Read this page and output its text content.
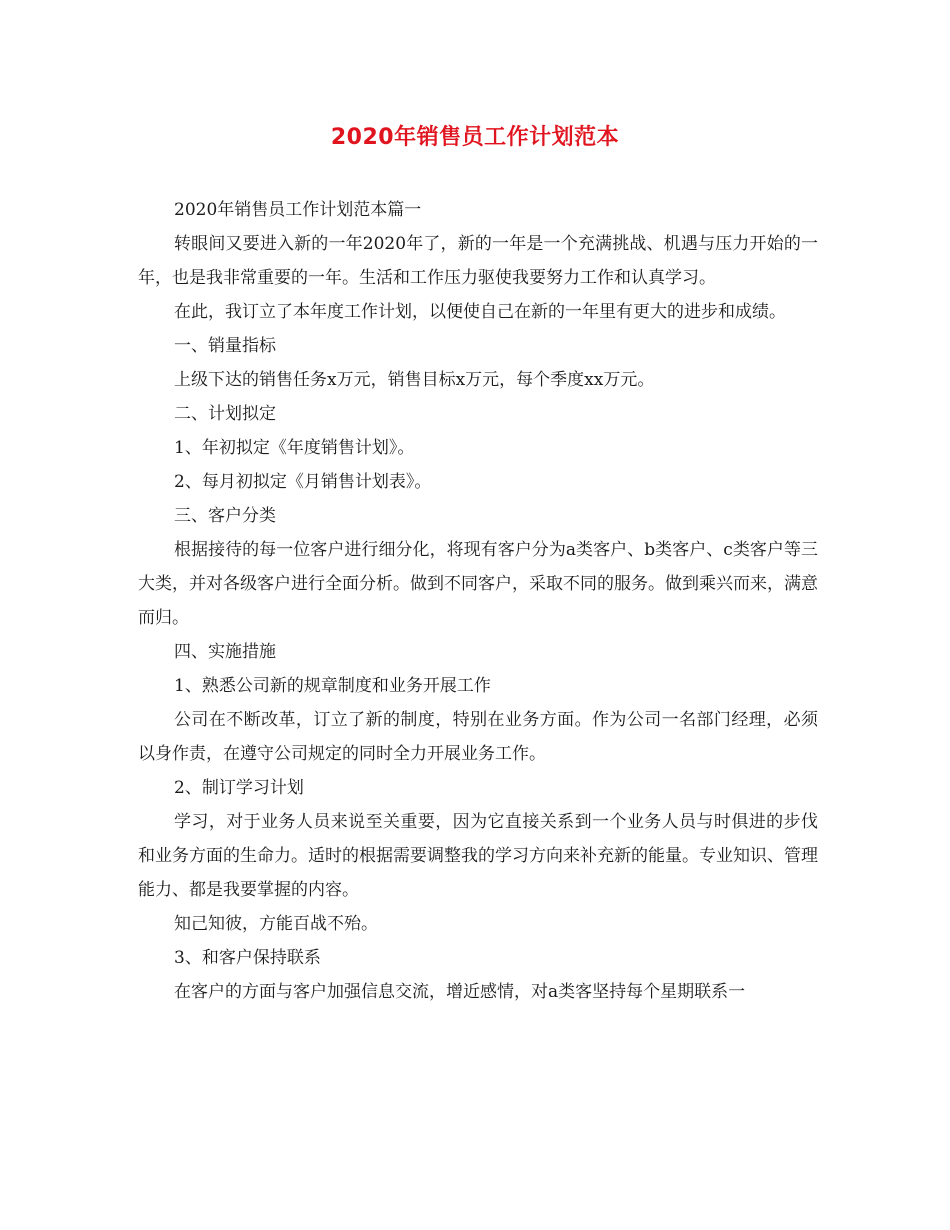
2020年销售员工作计划范本

2020年销售员工作计划范本篇一

转眼间又要进入新的一年2020年了，新的一年是一个充满挑战、机遇与压力开始的一年，也是我非常重要的一年。生活和工作压力驱使我要努力工作和认真学习。

在此，我订立了本年度工作计划，以便使自己在新的一年里有更大的进步和成绩。

一、销量指标

上级下达的销售任务x万元，销售目标x万元，每个季度xx万元。

二、计划拟定

1、年初拟定《年度销售计划》。

2、每月初拟定《月销售计划表》。

三、客户分类

根据接待的每一位客户进行细分化，将现有客户分为a类客户、b类客户、c类客户等三大类，并对各级客户进行全面分析。做到不同客户，采取不同的服务。做到乘兴而来，满意而归。

四、实施措施

1、熟悉公司新的规章制度和业务开展工作

公司在不断改革，订立了新的制度，特别在业务方面。作为公司一名部门经理，必须以身作责，在遵守公司规定的同时全力开展业务工作。

2、制订学习计划

学习，对于业务人员来说至关重要，因为它直接关系到一个业务人员与时俱进的步伐和业务方面的生命力。适时的根据需要调整我的学习方向来补充新的能量。专业知识、管理能力、都是我要掌握的内容。

知己知彼，方能百战不殆。

3、和客户保持联系

在客户的方面与客户加强信息交流，增近感情，对a类客坚持每个星期联系一
